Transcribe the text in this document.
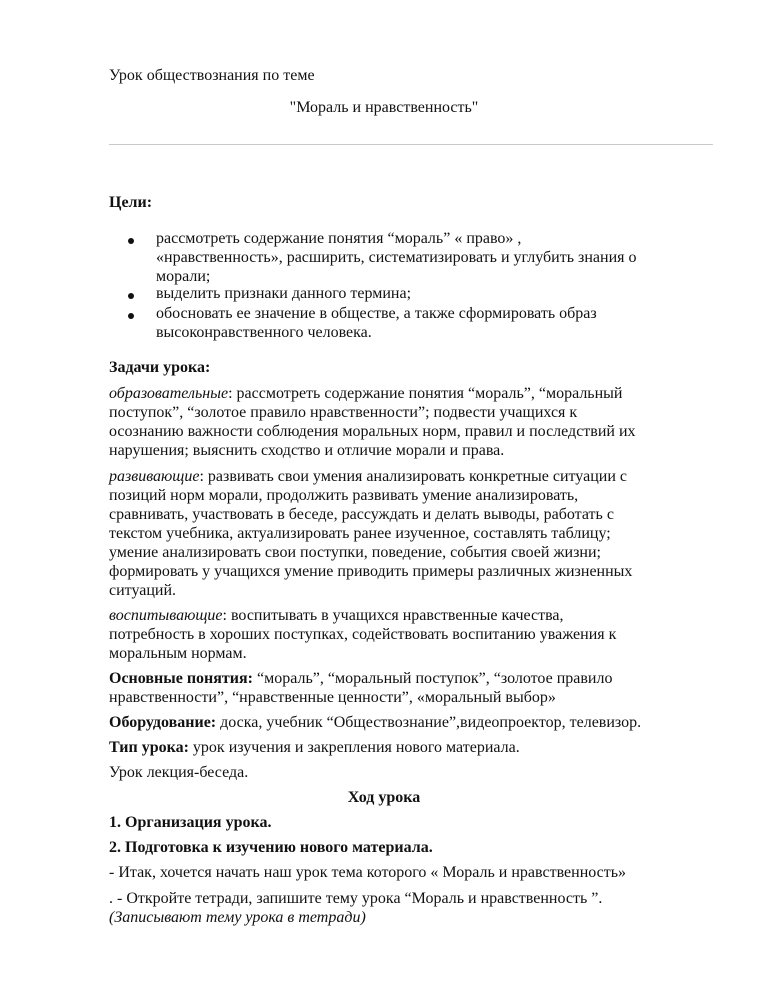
Урок обществознания по теме
"Мораль и нравственность"
Цели:
рассмотреть содержание понятия “мораль” « право» ,
«нравственность», расширить, систематизировать и углубить знания о
морали;
выделить признаки данного термина;
обосновать ее значение в обществе, а также сформировать образ
высоконравственного человека.
Задачи урока:
образовательные: рассмотреть содержание понятия “мораль”, “моральный
поступок”, “золотое правило нравственности”; подвести учащихся к
осознанию важности соблюдения моральных норм, правил и последствий их
нарушения; выяснить сходство и отличие морали и права.
развивающие: развивать свои умения анализировать конкретные ситуации с
позиций норм морали, продолжить развивать умение анализировать,
сравнивать, участвовать в беседе, рассуждать и делать выводы, работать с
текстом учебника, актуализировать ранее изученное, составлять таблицу;
умение анализировать свои поступки, поведение, события своей жизни;
формировать у учащихся умение приводить примеры различных жизненных
ситуаций.
воспитывающие: воспитывать в учащихся нравственные качества,
потребность в хороших поступках, содействовать воспитанию уважения к
моральным нормам.
Основные понятия: “мораль”, “моральный поступок”, “золотое правило
нравственности”, “нравственные ценности”, «моральный выбор»
Оборудование: доска, учебник “Обществознание”,видеопроектор, телевизор.
Тип урока: урок изучения и закрепления нового материала.
Урок лекция-беседа.
Ход урока
1. Организация урока.
2. Подготовка к изучению нового материала.
- Итак, хочется начать наш урок тема которого « Мораль и нравственность»
. - Откройте тетради, запишите тему урока “Мораль и нравственность ”.
(Записывают тему урока в тетради)
